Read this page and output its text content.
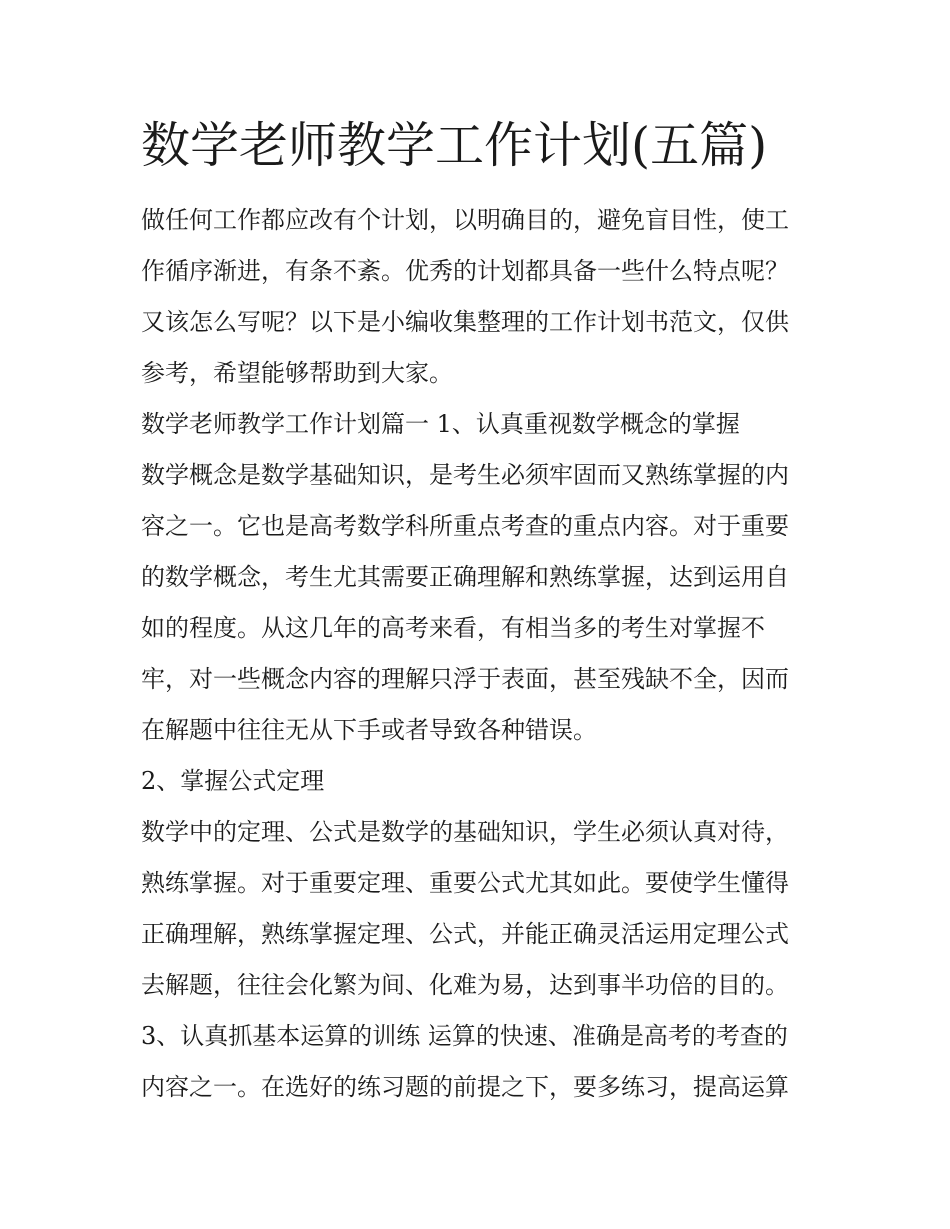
数学老师教学工作计划(五篇)
做任何工作都应改有个计划，以明确目的，避免盲目性，使工
作循序渐进，有条不紊。优秀的计划都具备一些什么特点呢？
又该怎么写呢？以下是小编收集整理的工作计划书范文，仅供
参考，希望能够帮助到大家。
数学老师教学工作计划篇一 1、认真重视数学概念的掌握
数学概念是数学基础知识，是考生必须牢固而又熟练掌握的内
容之一。它也是高考数学科所重点考查的重点内容。对于重要
的数学概念，考生尤其需要正确理解和熟练掌握，达到运用自
如的程度。从这几年的高考来看，有相当多的考生对掌握不
牢，对一些概念内容的理解只浮于表面，甚至残缺不全，因而
在解题中往往无从下手或者导致各种错误。
2、掌握公式定理
数学中的定理、公式是数学的基础知识，学生必须认真对待，
熟练掌握。对于重要定理、重要公式尤其如此。要使学生懂得
正确理解，熟练掌握定理、公式，并能正确灵活运用定理公式
去解题，往往会化繁为间、化难为易，达到事半功倍的目的。
3、认真抓基本运算的训练 运算的快速、准确是高考的考查的
内容之一。在选好的练习题的前提之下，要多练习，提高运算
